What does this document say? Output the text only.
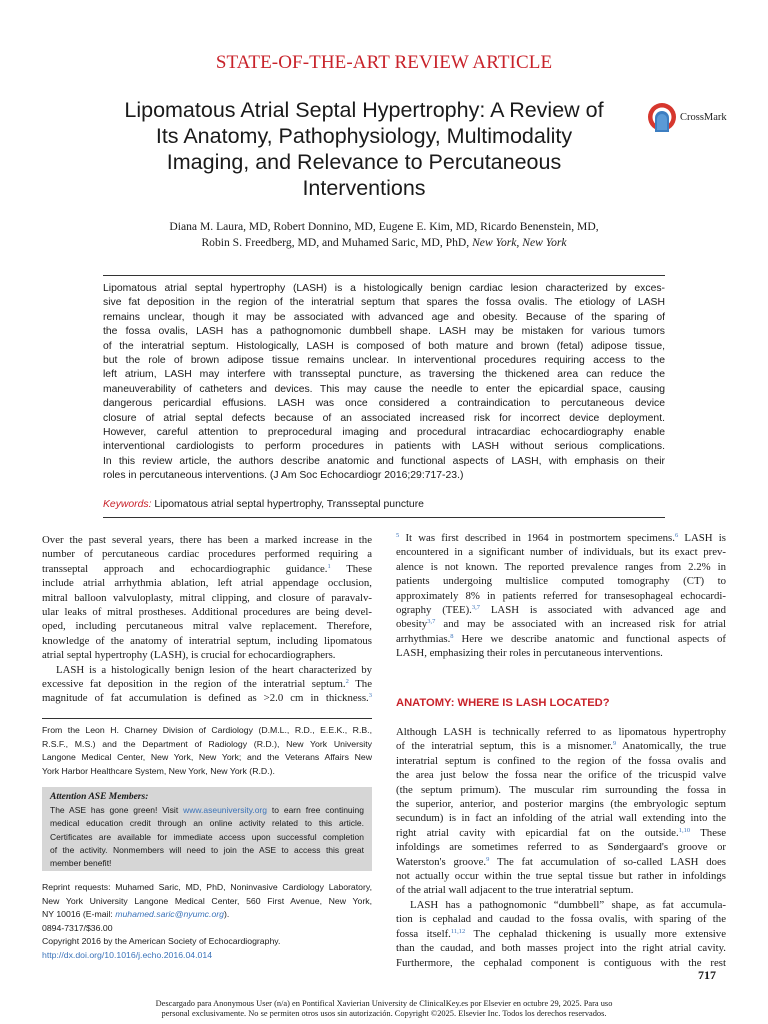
STATE-OF-THE-ART REVIEW ARTICLE
Lipomatous Atrial Septal Hypertrophy: A Review of
Its Anatomy, Pathophysiology, Multimodality
Imaging, and Relevance to Percutaneous
Interventions
CrossMark
Diana M. Laura, MD, Robert Donnino, MD, Eugene E. Kim, MD, Ricardo Benenstein, MD,
Robin S. Freedberg, MD, and Muhamed Saric, MD, PhD, New York, New York
Lipomatous atrial septal hypertrophy (LASH) is a histologically benign cardiac lesion characterized by exces-
sive fat deposition in the region of the interatrial septum that spares the fossa ovalis. The etiology of LASH
remains unclear, though it may be associated with advanced age and obesity. Because of the sparing of
the fossa ovalis, LASH has a pathognomonic dumbbell shape. LASH may be mistaken for various tumors
of the interatrial septum. Histologically, LASH is composed of both mature and brown (fetal) adipose tissue,
but the role of brown adipose tissue remains unclear. In interventional procedures requiring access to the
left atrium, LASH may interfere with transseptal puncture, as traversing the thickened area can reduce the
maneuverability of catheters and devices. This may cause the needle to enter the epicardial space, causing
dangerous pericardial effusions. LASH was once considered a contraindication to percutaneous device
closure of atrial septal defects because of an associated increased risk for incorrect device deployment.
However, careful attention to preprocedural imaging and procedural intracardiac echocardiography enable
interventional cardiologists to perform procedures in patients with LASH without serious complications.
In this review article, the authors describe anatomic and functional aspects of LASH, with emphasis on their
roles in percutaneous interventions. (J Am Soc Echocardiogr 2016;29:717-23.)
Keywords: Lipomatous atrial septal hypertrophy, Transseptal puncture
Over the past several years, there has been a marked increase in the
number of percutaneous cardiac procedures performed requiring a
transseptal approach and echocardiographic guidance.$^1$ These
include atrial arrhythmia ablation, left atrial appendage occlusion,
mitral balloon valvuloplasty, mitral clipping, and closure of paravalv-
ular leaks of mitral prostheses. Additional procedures are being devel-
oped, including percutaneous mitral valve replacement. Therefore,
knowledge of the anatomy of interatrial septum, including lipomatous
atrial septal hypertrophy (LASH), is crucial for echocardiographers.
LASH is a histologically benign lesion of the heart characterized by
excessive fat deposition in the region of the interatrial septum.$^2$ The
magnitude of fat accumulation is defined as >2.0 cm in thickness.$^3$
From the Leon H. Charney Division of Cardiology (D.M.L., R.D., E.E.K., R.B.,
R.S.F., M.S.) and the Department of Radiology (R.D.), New York University
Langone Medical Center, New York, New York; and the Veterans Affairs New
York Harbor Healthcare System, New York, New York (R.D.).
Attention ASE Members:
The ASE has gone green! Visit www.aseuniversity.org to earn free continuing
medical education credit through an online activity related to this article.
Certificates are available for immediate access upon successful completion
of the activity. Nonmembers will need to join the ASE to access this great
member benefit!
Reprint requests: Muhamed Saric, MD, PhD, Noninvasive Cardiology Laboratory,
New York University Langone Medical Center, 560 First Avenue, New York,
NY 10016 (E-mail: muhamed.saric@nyumc.org).
0894-7317/$36.00
Copyright 2016 by the American Society of Echocardiography.
http://dx.doi.org/10.1016/j.echo.2016.04.014
$^5$ It was first described in 1964 in postmortem specimens.$^6$ LASH is
encountered in a significant number of individuals, but its exact prev-
alence is not known. The reported prevalence ranges from 2.2% in
patients undergoing multislice computed tomography (CT) to
approximately 8% in patients referred for transesophageal echocardi-
ography (TEE).$^{3,7}$ LASH is associated with advanced age and
obesity$^{3,7}$ and may be associated with an increased risk for atrial
arrhythmias.$^8$ Here we describe anatomic and functional aspects of
LASH, emphasizing their roles in percutaneous interventions.
ANATOMY: WHERE IS LASH LOCATED?
Although LASH is technically referred to as lipomatous hypertrophy
of the interatrial septum, this is a misnomer.$^9$ Anatomically, the true
interatrial septum is confined to the region of the fossa ovalis and
the area just below the fossa near the orifice of the tricuspid valve
(the septum primum). The muscular rim surrounding the fossa in
the superior, anterior, and posterior margins (the embryologic septum
secundum) is in fact an infolding of the atrial wall extending into the
right atrial cavity with epicardial fat on the outside.$^{1,10}$ These
infoldings are sometimes referred to as Søndergaard's groove or
Waterston's groove.$^9$ The fat accumulation of so-called LASH does
not actually occur within the true septal tissue but rather in infoldings
of the atrial wall adjacent to the true interatrial septum.
LASH has a pathognomonic “dumbbell” shape, as fat accumula-
tion is cephalad and caudad to the fossa ovalis, with sparing of the
fossa itself.$^{11,12}$ The cephalad thickening is usually more extensive
than the caudad, and both masses project into the right atrial cavity.
Furthermore, the cephalad component is contiguous with the rest
717
Descargado para Anonymous User (n/a) en Pontifical Xavierian University de ClinicalKey.es por Elsevier en octubre 29, 2025. Para uso
personal exclusivamente. No se permiten otros usos sin autorización. Copyright ©2025. Elsevier Inc. Todos los derechos reservados.
